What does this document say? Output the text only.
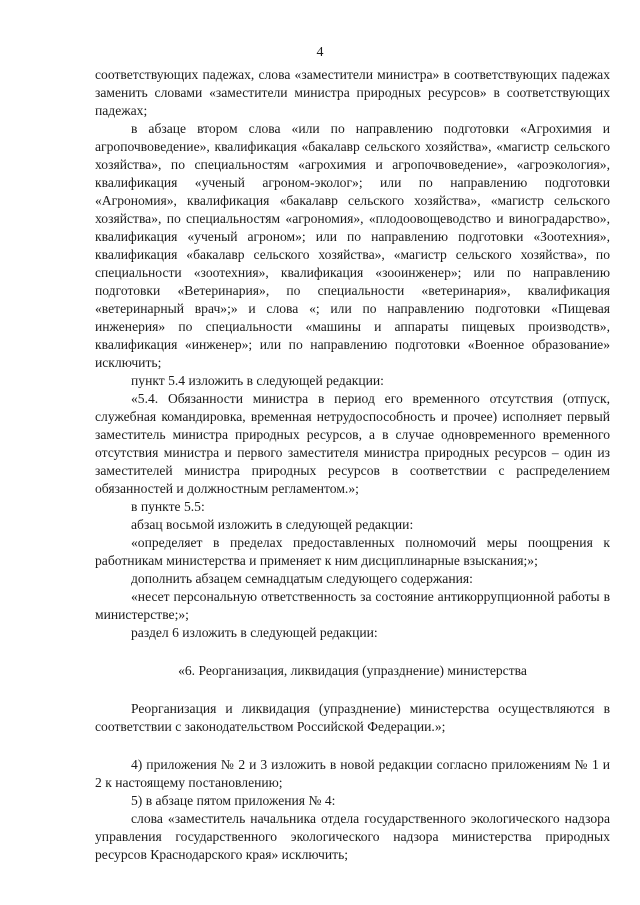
4

соответствующих падежах, слова «заместители министра» в соответствующих падежах заменить словами «заместители министра природных ресурсов» в соответствующих падежах;

в абзаце втором слова «или по направлению подготовки «Агрохимия и агропочвоведение», квалификация «бакалавр сельского хозяйства», «магистр сельского хозяйства», по специальностям «агрохимия и агропочвоведение», «агроэкология», квалификация «ученый агроном-эколог»; или по направлению подготовки «Агрономия», квалификация «бакалавр сельского хозяйства», «магистр сельского хозяйства», по специальностям «агрономия», «плодоовощеводство и виноградарство», квалификация «ученый агроном»; или по направлению подготовки «Зоотехния», квалификация «бакалавр сельского хозяйства», «магистр сельского хозяйства», по специальности «зоотехния», квалификация «зооинженер»; или по направлению подготовки «Ветеринария», по специальности «ветеринария», квалификация «ветеринарный врач»;» и слова «; или по направлению подготовки «Пищевая инженерия» по специальности «машины и аппараты пищевых производств», квалификация «инженер»; или по направлению подготовки «Военное образование» исключить;

пункт 5.4 изложить в следующей редакции:

«5.4. Обязанности министра в период его временного отсутствия (отпуск, служебная командировка, временная нетрудоспособность и прочее) исполняет первый заместитель министра природных ресурсов, а в случае одновременного временного отсутствия министра и первого заместителя министра природных ресурсов – один из заместителей министра природных ресурсов в соответствии с распределением обязанностей и должностным регламентом.»;

в пункте 5.5:

абзац восьмой изложить в следующей редакции:

«определяет в пределах предоставленных полномочий меры поощрения к работникам министерства и применяет к ним дисциплинарные взыскания;»;

дополнить абзацем семнадцатым следующего содержания:

«несет персональную ответственность за состояние антикоррупционной работы в министерстве;»;

раздел 6 изложить в следующей редакции:

«6. Реорганизация, ликвидация (упразднение) министерства

Реорганизация и ликвидация (упразднение) министерства осуществляются в соответствии с законодательством Российской Федерации.»;

4) приложения № 2 и 3 изложить в новой редакции согласно приложениям № 1 и 2 к настоящему постановлению;

5) в абзаце пятом приложения № 4:

слова «заместитель начальника отдела государственного экологического надзора управления государственного экологического надзора министерства природных ресурсов Краснодарского края» исключить;
